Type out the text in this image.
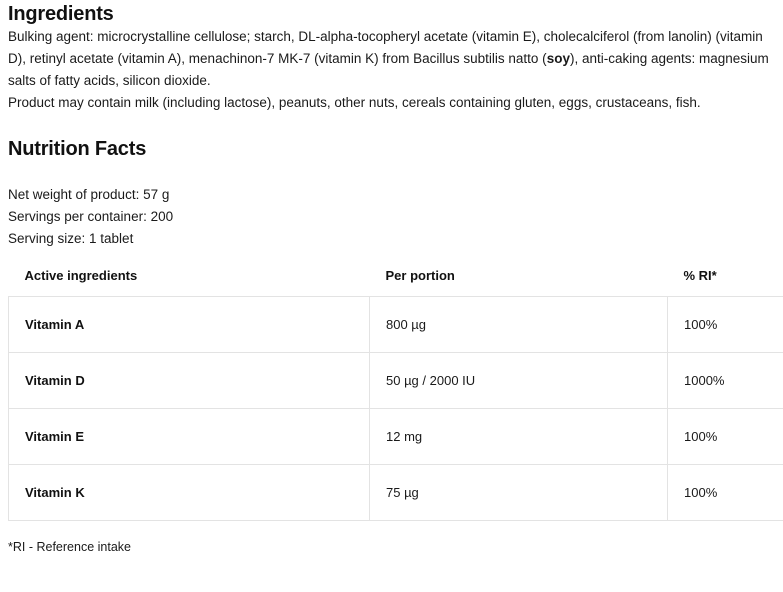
Ingredients

Bulking agent: microcrystalline cellulose; starch, DL-alpha-tocopheryl acetate (vitamin E), cholecalciferol (from lanolin) (vitamin D), retinyl acetate (vitamin A), menachinon-7 MK-7 (vitamin K) from Bacillus subtilis natto (soy), anti-caking agents: magnesium salts of fatty acids, silicon dioxide.

Product may contain milk (including lactose), peanuts, other nuts, cereals containing gluten, eggs, crustaceans, fish.

Nutrition Facts
Net weight of product: 57 g
Servings per container: 200
Serving size: 1 tablet
Active ingredients	Per portion	% RI*
Vitamin A	800 µg	100%
Vitamin D	50 µg / 2000 IU	1000%
Vitamin E	12 mg	100%
Vitamin K	75 µg	100%
*RI - Reference intake
